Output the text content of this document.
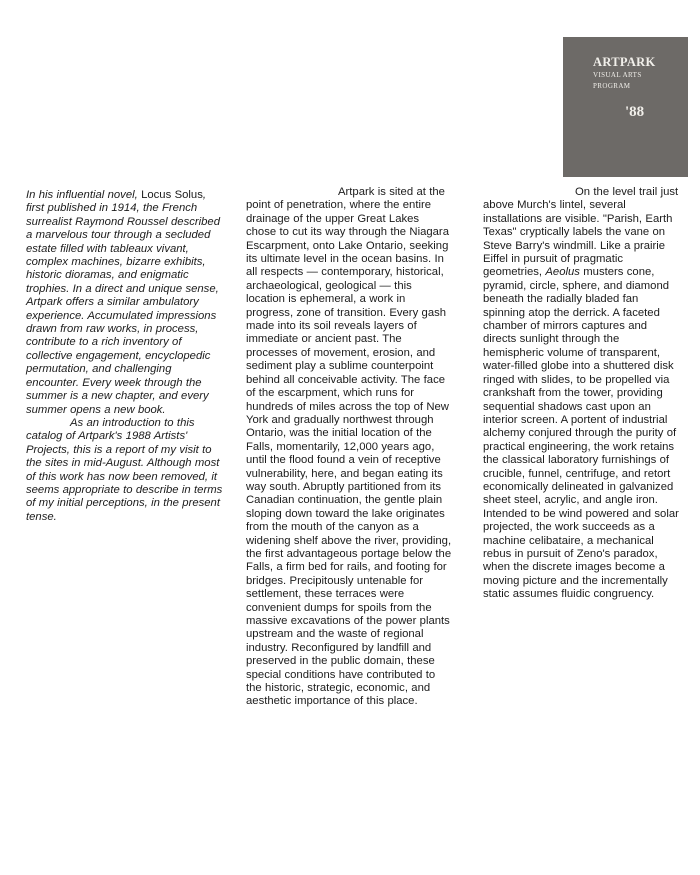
ARTPARK
VISUAL ARTS
PROGRAM
'88

In his influential novel, Locus Solus, first published in 1914, the French surrealist Raymond Roussel described a marvelous tour through a secluded estate filled with tableaux vivant, complex machines, bizarre exhibits, historic dioramas, and enigmatic trophies. In a direct and unique sense, Artpark offers a similar ambulatory experience. Accumulated impressions drawn from raw works, in process, contribute to a rich inventory of collective engagement, encyclopedic permutation, and challenging encounter. Every week through the summer is a new chapter, and every summer opens a new book.

As an introduction to this catalog of Artpark's 1988 Artists' Projects, this is a report of my visit to the sites in mid-August. Although most of this work has now been removed, it seems appropriate to describe in terms of my initial perceptions, in the present tense.

Artpark is sited at the point of penetration, where the entire drainage of the upper Great Lakes chose to cut its way through the Niagara Escarpment, onto Lake Ontario, seeking its ultimate level in the ocean basins. In all respects — contemporary, historical, archaeological, geological — this location is ephemeral, a work in progress, zone of transition. Every gash made into its soil reveals layers of immediate or ancient past. The processes of movement, erosion, and sediment play a sublime counterpoint behind all conceivable activity. The face of the escarpment, which runs for hundreds of miles across the top of New York and gradually northwest through Ontario, was the initial location of the Falls, momentarily, 12,000 years ago, until the flood found a vein of receptive vulnerability, here, and began eating its way south. Abruptly partitioned from its Canadian continuation, the gentle plain sloping down toward the lake originates from the mouth of the canyon as a widening shelf above the river, providing, the first advantageous portage below the Falls, a firm bed for rails, and footing for bridges. Precipitously untenable for settlement, these terraces were convenient dumps for spoils from the massive excavations of the power plants upstream and the waste of regional industry. Reconfigured by landfill and preserved in the public domain, these special conditions have contributed to the historic, strategic, economic, and aesthetic importance of this place.

On the level trail just above Murch's lintel, several installations are visible. "Parish, Earth Texas" cryptically labels the vane on Steve Barry's windmill. Like a prairie Eiffel in pursuit of pragmatic geometries, Aeolus musters cone, pyramid, circle, sphere, and diamond beneath the radially bladed fan spinning atop the derrick. A faceted chamber of mirrors captures and directs sunlight through the hemispheric volume of transparent, water-filled globe into a shuttered disk ringed with slides, to be propelled via crankshaft from the tower, providing sequential shadows cast upon an interior screen. A portent of industrial alchemy conjured through the purity of practical engineering, the work retains the classical laboratory furnishings of crucible, funnel, centrifuge, and retort economically delineated in galvanized sheet steel, acrylic, and angle iron. Intended to be wind powered and solar projected, the work succeeds as a machine celibataire, a mechanical rebus in pursuit of Zeno's paradox, when the discrete images become a moving picture and the incrementally static assumes fluidic congruency.
